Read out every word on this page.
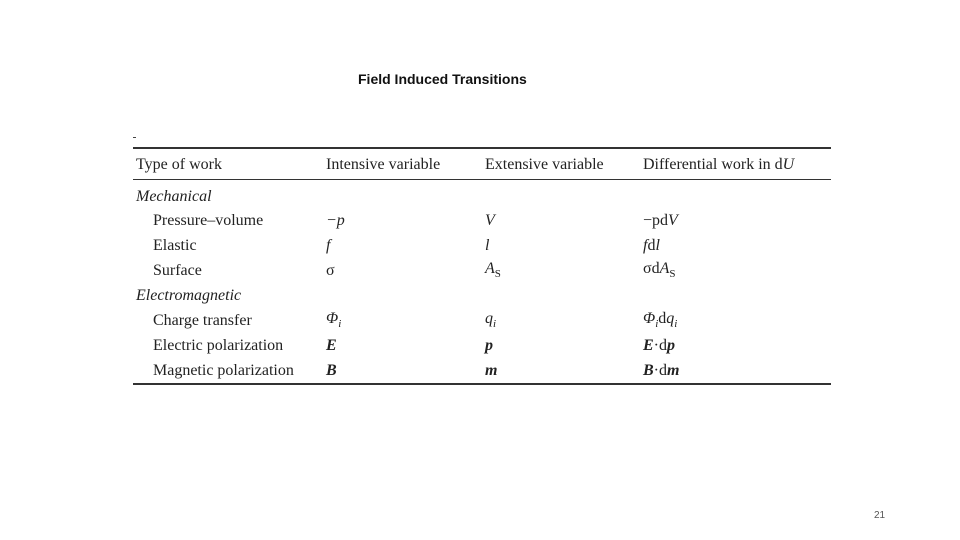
Field Induced Transitions
Type of work	Intensive variable	Extensive variable	Differential work in dU
Mechanical			
Pressure–volume	−p	V	−pdV
Elastic	f	l	fdl
Surface	σ	$A_S$	σdA$_S$
Electromagnetic			
Charge transfer	$\Phi_i$	$q_i$	$\Phi_idq_i$
Electric polarization	E	p	E·dp
Magnetic polarization	B	m	B·dm
21
